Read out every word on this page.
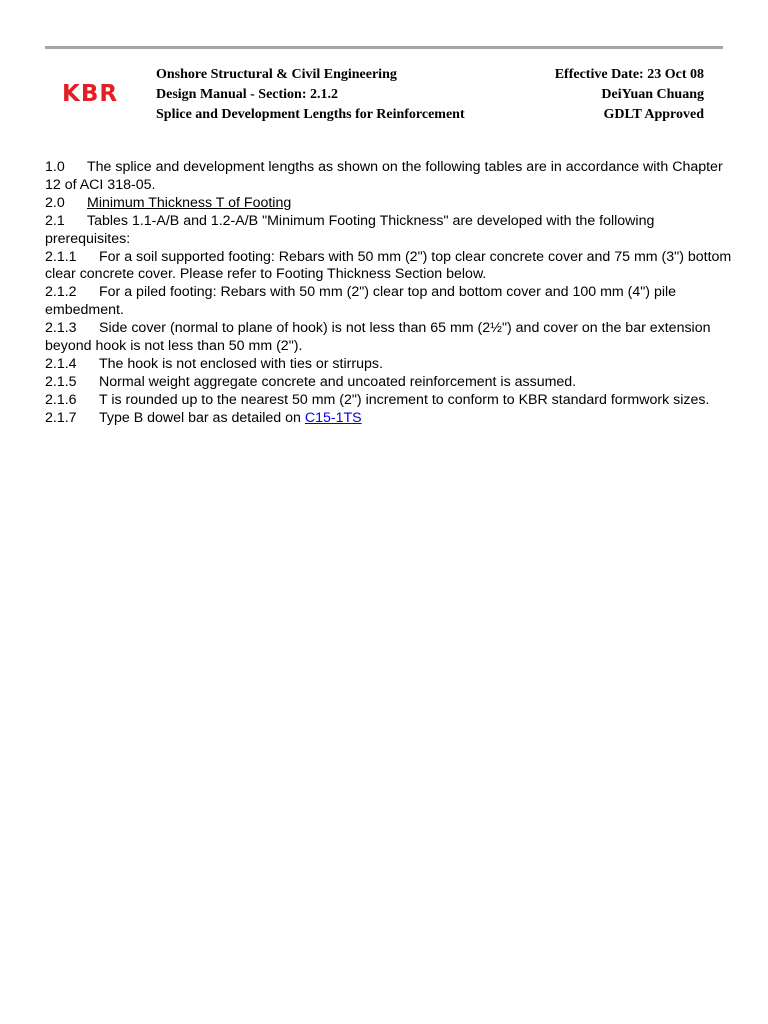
KBR
Onshore Structural & Civil Engineering
Design Manual - Section: 2.1.2
Splice and Development Lengths for Reinforcement
Effective Date: 23 Oct 08
DeiYuan Chuang
GDLT Approved

1.0 The splice and development lengths as shown on the following tables are in accordance with Chapter 12 of ACI 318-05.

2.0 Minimum Thickness T of Footing

2.1 Tables 1.1-A/B and 1.2-A/B "Minimum Footing Thickness" are developed with the following prerequisites:

2.1.1 For a soil supported footing: Rebars with 50 mm (2") top clear concrete cover and 75 mm (3") bottom clear concrete cover. Please refer to Footing Thickness Section below.

2.1.2 For a piled footing: Rebars with 50 mm (2") clear top and bottom cover and 100 mm (4") pile embedment.

2.1.3 Side cover (normal to plane of hook) is not less than 65 mm (2½") and cover on the bar extension beyond hook is not less than 50 mm (2").

2.1.4 The hook is not enclosed with ties or stirrups.

2.1.5 Normal weight aggregate concrete and uncoated reinforcement is assumed.

2.1.6 T is rounded up to the nearest 50 mm (2") increment to conform to KBR standard formwork sizes.

2.1.7 Type B dowel bar as detailed on C15-1TS
